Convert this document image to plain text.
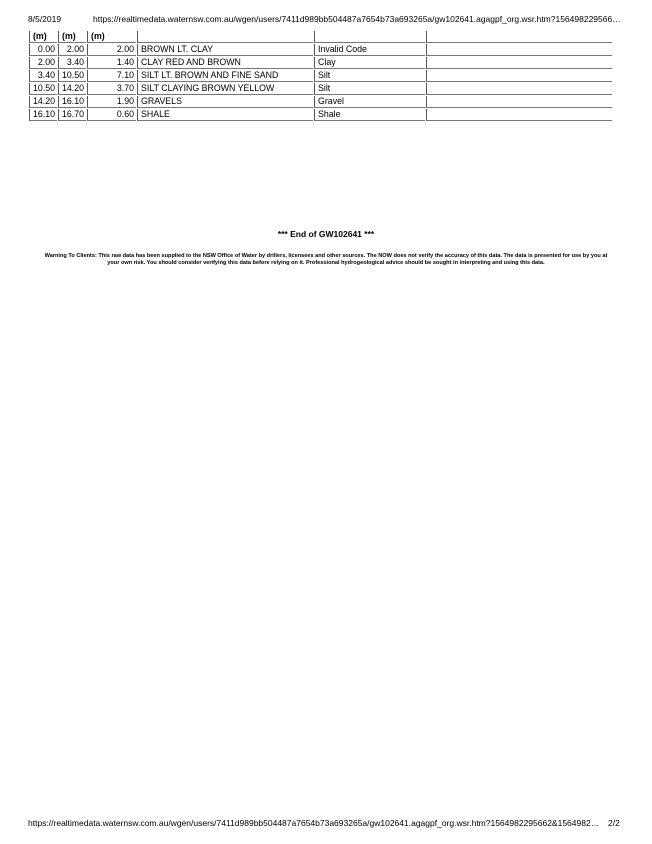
8/5/2019	https://realtimedata.waternsw.com.au/wgen/users/7411d989bb504487a7654b73a693265a/gw102641.agagpf_org.wsr.htm?156498229566…
(m)	(m)	(m)			
0.00	2.00	2.00	BROWN LT. CLAY	Invalid Code	
2.00	3.40	1.40	CLAY RED AND BROWN	Clay	
3.40	10.50	7.10	SILT LT. BROWN AND FINE SAND	Silt	
10.50	14.20	3.70	SILT CLAYING BROWN YELLOW	Silt	
14.20	16.10	1.90	GRAVELS	Gravel	
16.10	16.70	0.60	SHALE	Shale	
*** End of GW102641 ***
Warning To Clients: This raw data has been supplied to the NSW Office of Water by drillers, licensees and other sources. The NOW does not verify the accuracy of this data. The data is presented for use by you at your own risk. You should consider verifying this data before relying on it. Professional hydrogeological advice should be sought in interpreting and using this data.
https://realtimedata.waternsw.com.au/wgen/users/7411d989bb504487a7654b73a693265a/gw102641.agagpf_org.wsr.htm?1564982295662&1564982… 2/2
